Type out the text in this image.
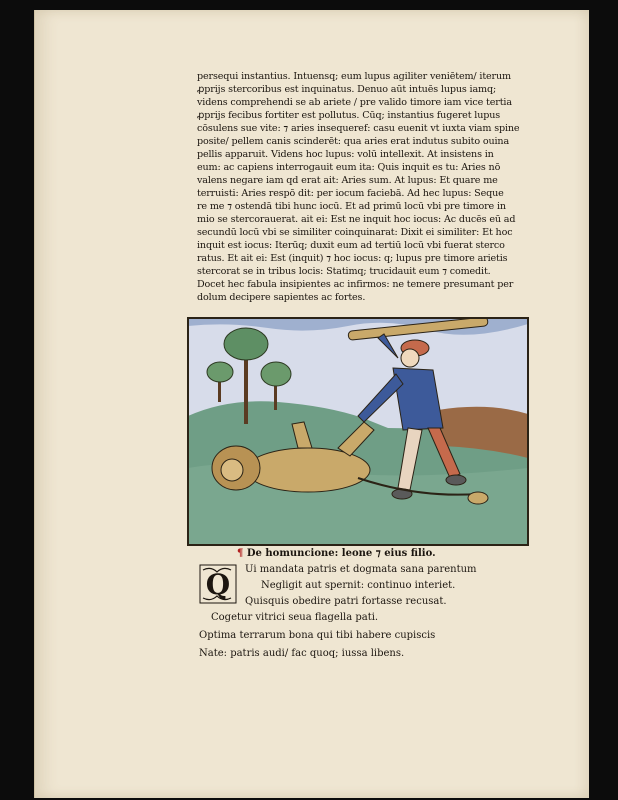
persequi instantius. Intuensq; eum lupus agiliter veniētem/ iterum
ꝓprijs stercoribus est inquinatus. Denuo aūt intuēs lupus iamq;
videns comprehendi se ab ariete / pre valido timore iam vice tertia
ꝓprijs fecibus fortiter est pollutus. Cūq; instantius fugeret lupus
cōsulens sue vite: ⁊ aries insequeref: casu euenit vt iuxta viam spine
posite/ pellem canis scinderēt: qua aries erat indutus subito ouina
pellis apparuit. Videns hoc lupus: volū intellexit. At insistens in
eum: ac capiens interrogauit eum ita: Quis inquit es tu: Aries nō
valens negare iam qd erat ait: Aries sum. At lupus: Et quare me
terruisti: Aries respō dit: per iocum faciebā. Ad hec lupus: Seque
re me ⁊ ostendā tibi hunc iocū. Et ad primū locū vbi pre timore in
mio se stercorauerat. ait ei: Est ne inquit hoc iocus: Ac ducēs eū ad
secundū locū vbi se similiter coinquinarat: Dixit ei similiter: Et hoc
inquit est iocus: Iterūq; duxit eum ad tertiū locū vbi fuerat sterco
ratus. Et ait ei: Est (inquit) ⁊ hoc iocus: q; lupus pre timore arietis
stercorat se in tribus locis: Statimq; trucidauit eum ⁊ comedit.
Docet hec fabula insipientes ac infirmos: ne temere presumant per
dolum decipere sapientes ac fortes.
¶ De homuncione: leone ⁊ eius filio.
Ui mandata patris et dogmata sana parentum
Negligit aut spernit: continuo interiet.
Quisquis obedire patri fortasse recusat.
Cogetur vitrici seua flagella pati.
Optima terrarum bona qui tibi habere cupiscis
Nate: patris audi/ fac quoq; iussa libens.
Q
